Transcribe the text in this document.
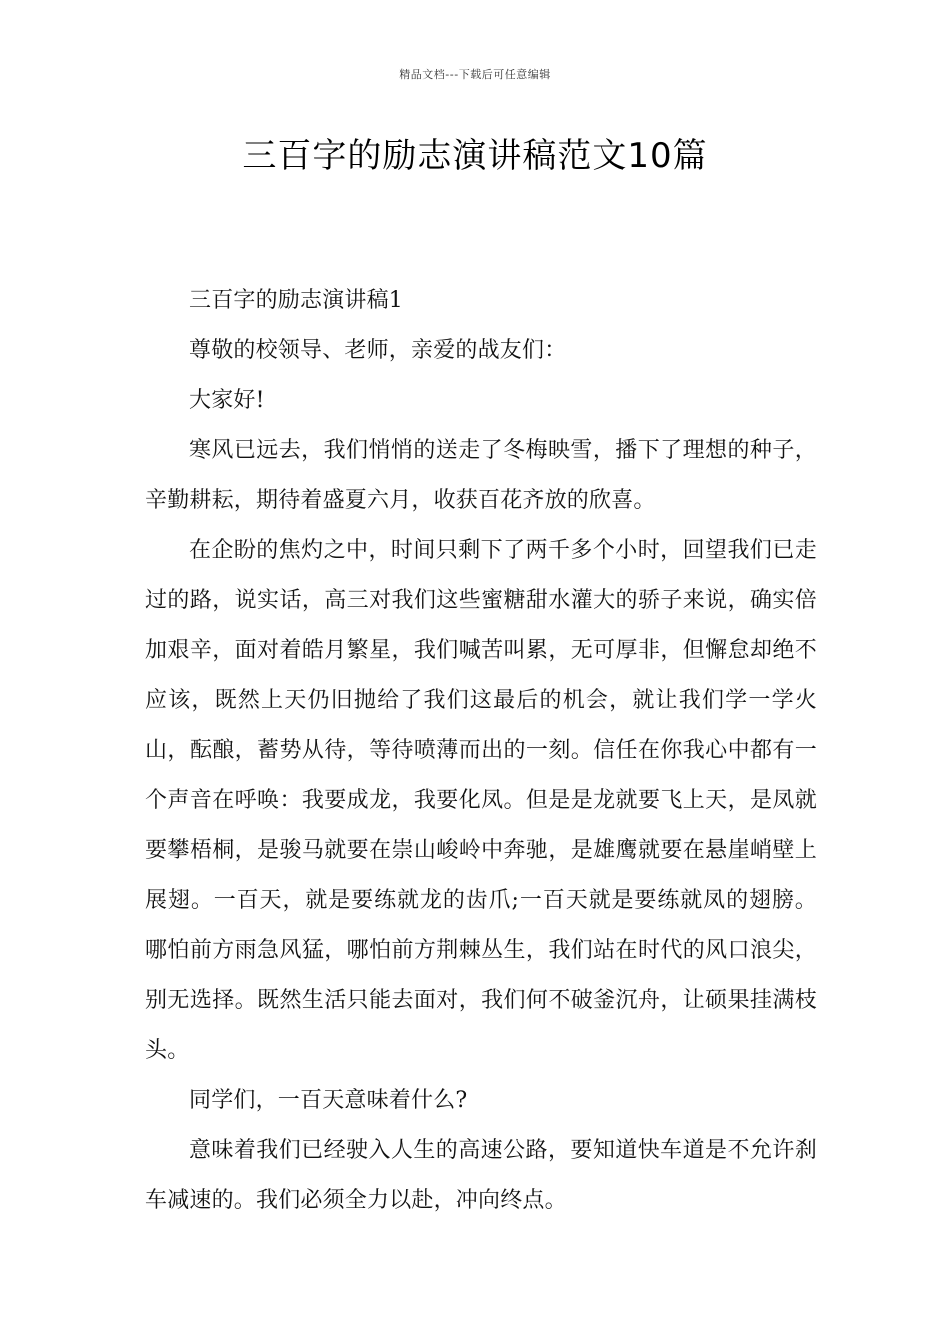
精品文档---下载后可任意编辑
三百字的励志演讲稿范文10篇

三百字的励志演讲稿1

尊敬的校领导、老师，亲爱的战友们：

大家好!

寒风已远去，我们悄悄的送走了冬梅映雪，播下了理想的种子，辛勤耕耘，期待着盛夏六月，收获百花齐放的欣喜。

在企盼的焦灼之中，时间只剩下了两千多个小时，回望我们已走过的路，说实话，高三对我们这些蜜糖甜水灌大的骄子来说，确实倍加艰辛，面对着皓月繁星，我们喊苦叫累，无可厚非，但懈怠却绝不应该，既然上天仍旧抛给了我们这最后的机会，就让我们学一学火山，酝酿，蓄势从待，等待喷薄而出的一刻。信任在你我心中都有一个声音在呼唤：我要成龙，我要化凤。但是是龙就要飞上天，是凤就要攀梧桐，是骏马就要在崇山峻岭中奔驰，是雄鹰就要在悬崖峭壁上展翅。一百天，就是要练就龙的齿爪;一百天就是要练就凤的翅膀。哪怕前方雨急风猛，哪怕前方荆棘丛生，我们站在时代的风口浪尖，别无选择。既然生活只能去面对，我们何不破釜沉舟，让硕果挂满枝头。

同学们，一百天意味着什么?

意味着我们已经驶入人生的高速公路，要知道快车道是不允许刹车减速的。我们必须全力以赴，冲向终点。
